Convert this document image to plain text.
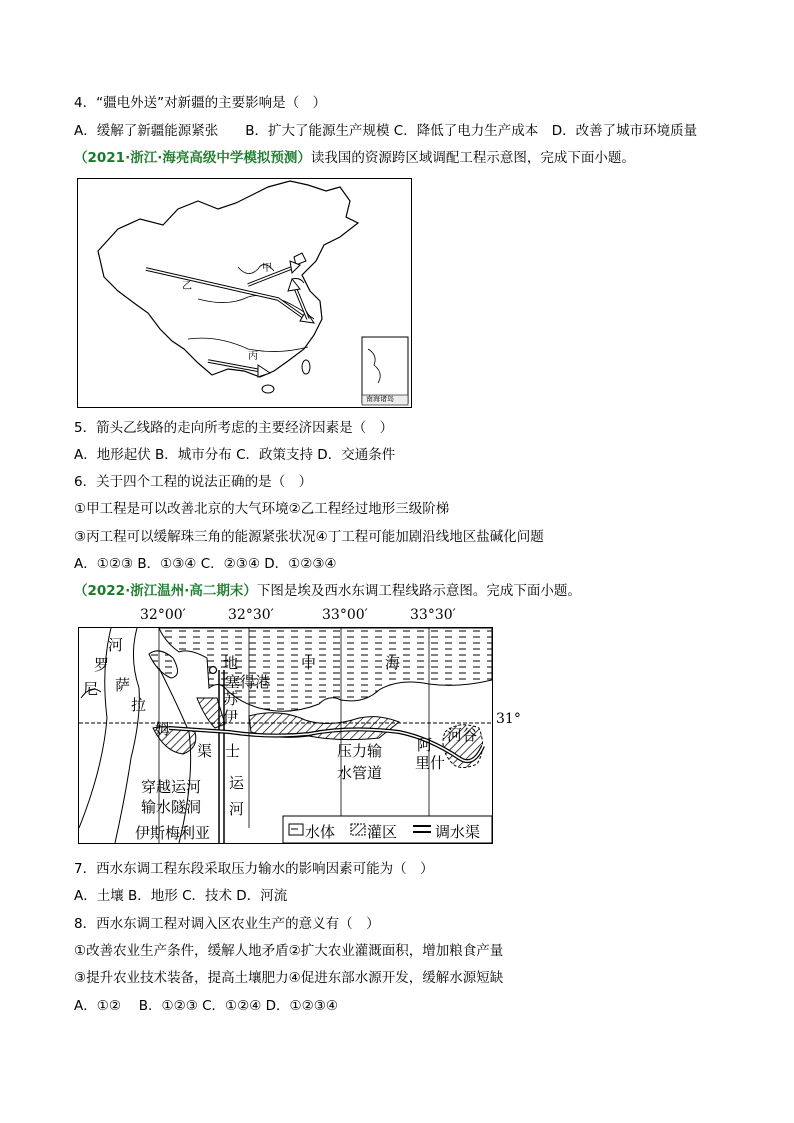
4．“疆电外送”对新疆的主要影响是（　）
A．缓解了新疆能源紧张　　B．扩大了能源生产规模 C．降低了电力生产成本　D．改善了城市环境质量
（2021·浙江·海亮高级中学模拟预测）读我国的资源跨区域调配工程示意图，完成下面小题。
甲
乙
丙
南海诸岛
5．箭头乙线路的走向所考虑的主要经济因素是（　）
A．地形起伏 B．城市分布 C．政策支持 D．交通条件
6．关于四个工程的说法正确的是（　）
①甲工程是可以改善北京的大气环境②乙工程经过地形三级阶梯
③丙工程可以缓解珠三角的能源紧张状况④丁工程可能加剧沿线地区盐碱化问题
A．①②③ B．①③④ C．②③④ D．①②③④
（2022·浙江温州·高二期末）下图是埃及西水东调工程线路示意图。完成下面小题。
32°00′	32°30′	33°00′	33°30′
31°
地	中	海
塞得港
河
罗
尼 萨
拉
姆
苏
伊
渠 士
运
河
穿越运河
输水隧洞
压力输
水管道
阿
里什
河谷
伊斯梅利亚	水体 灌区	调水渠
7．西水东调工程东段采取压力输水的影响因素可能为（　）
A．土壤 B．地形 C．技术 D．河流
8．西水东调工程对调入区农业生产的意义有（　）
①改善农业生产条件，缓解人地矛盾②扩大农业灌溉面积，增加粮食产量
③提升农业技术装备，提高土壤肥力④促进东部水源开发，缓解水源短缺
A．①②　 B．①②③ C．①②④ D．①②③④
